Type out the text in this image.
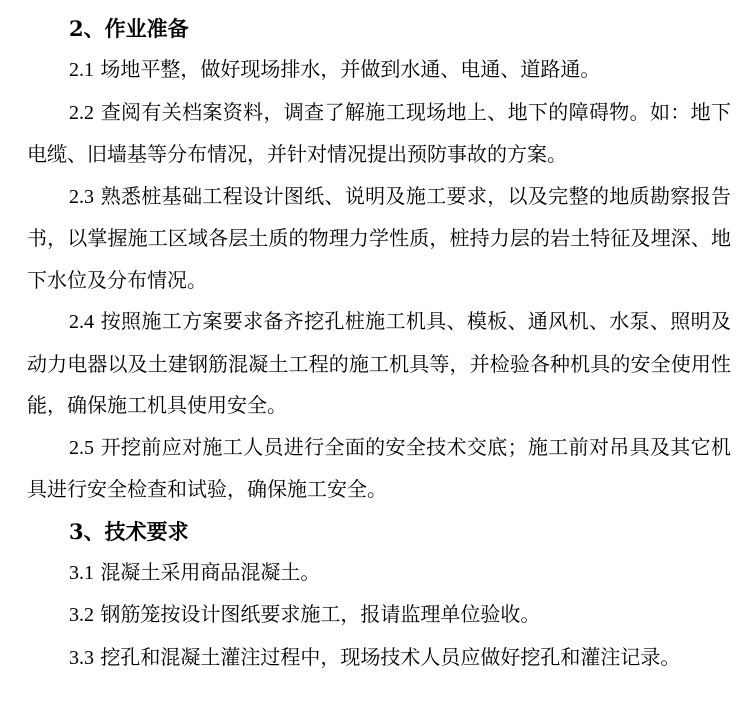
2、作业准备

2.1 场地平整，做好现场排水，并做到水通、电通、道路通。

2.2 查阅有关档案资料，调查了解施工现场地上、地下的障碍物。如：地下电缆、旧墙基等分布情况，并针对情况提出预防事故的方案。

2.3 熟悉桩基础工程设计图纸、说明及施工要求，以及完整的地质勘察报告书，以掌握施工区域各层土质的物理力学性质，桩持力层的岩土特征及埋深、地下水位及分布情况。

2.4 按照施工方案要求备齐挖孔桩施工机具、模板、通风机、水泵、照明及动力电器以及土建钢筋混凝土工程的施工机具等，并检验各种机具的安全使用性能，确保施工机具使用安全。

2.5 开挖前应对施工人员进行全面的安全技术交底；施工前对吊具及其它机具进行安全检查和试验，确保施工安全。

3、技术要求

3.1 混凝土采用商品混凝土。

3.2 钢筋笼按设计图纸要求施工，报请监理单位验收。

3.3 挖孔和混凝土灌注过程中，现场技术人员应做好挖孔和灌注记录。
